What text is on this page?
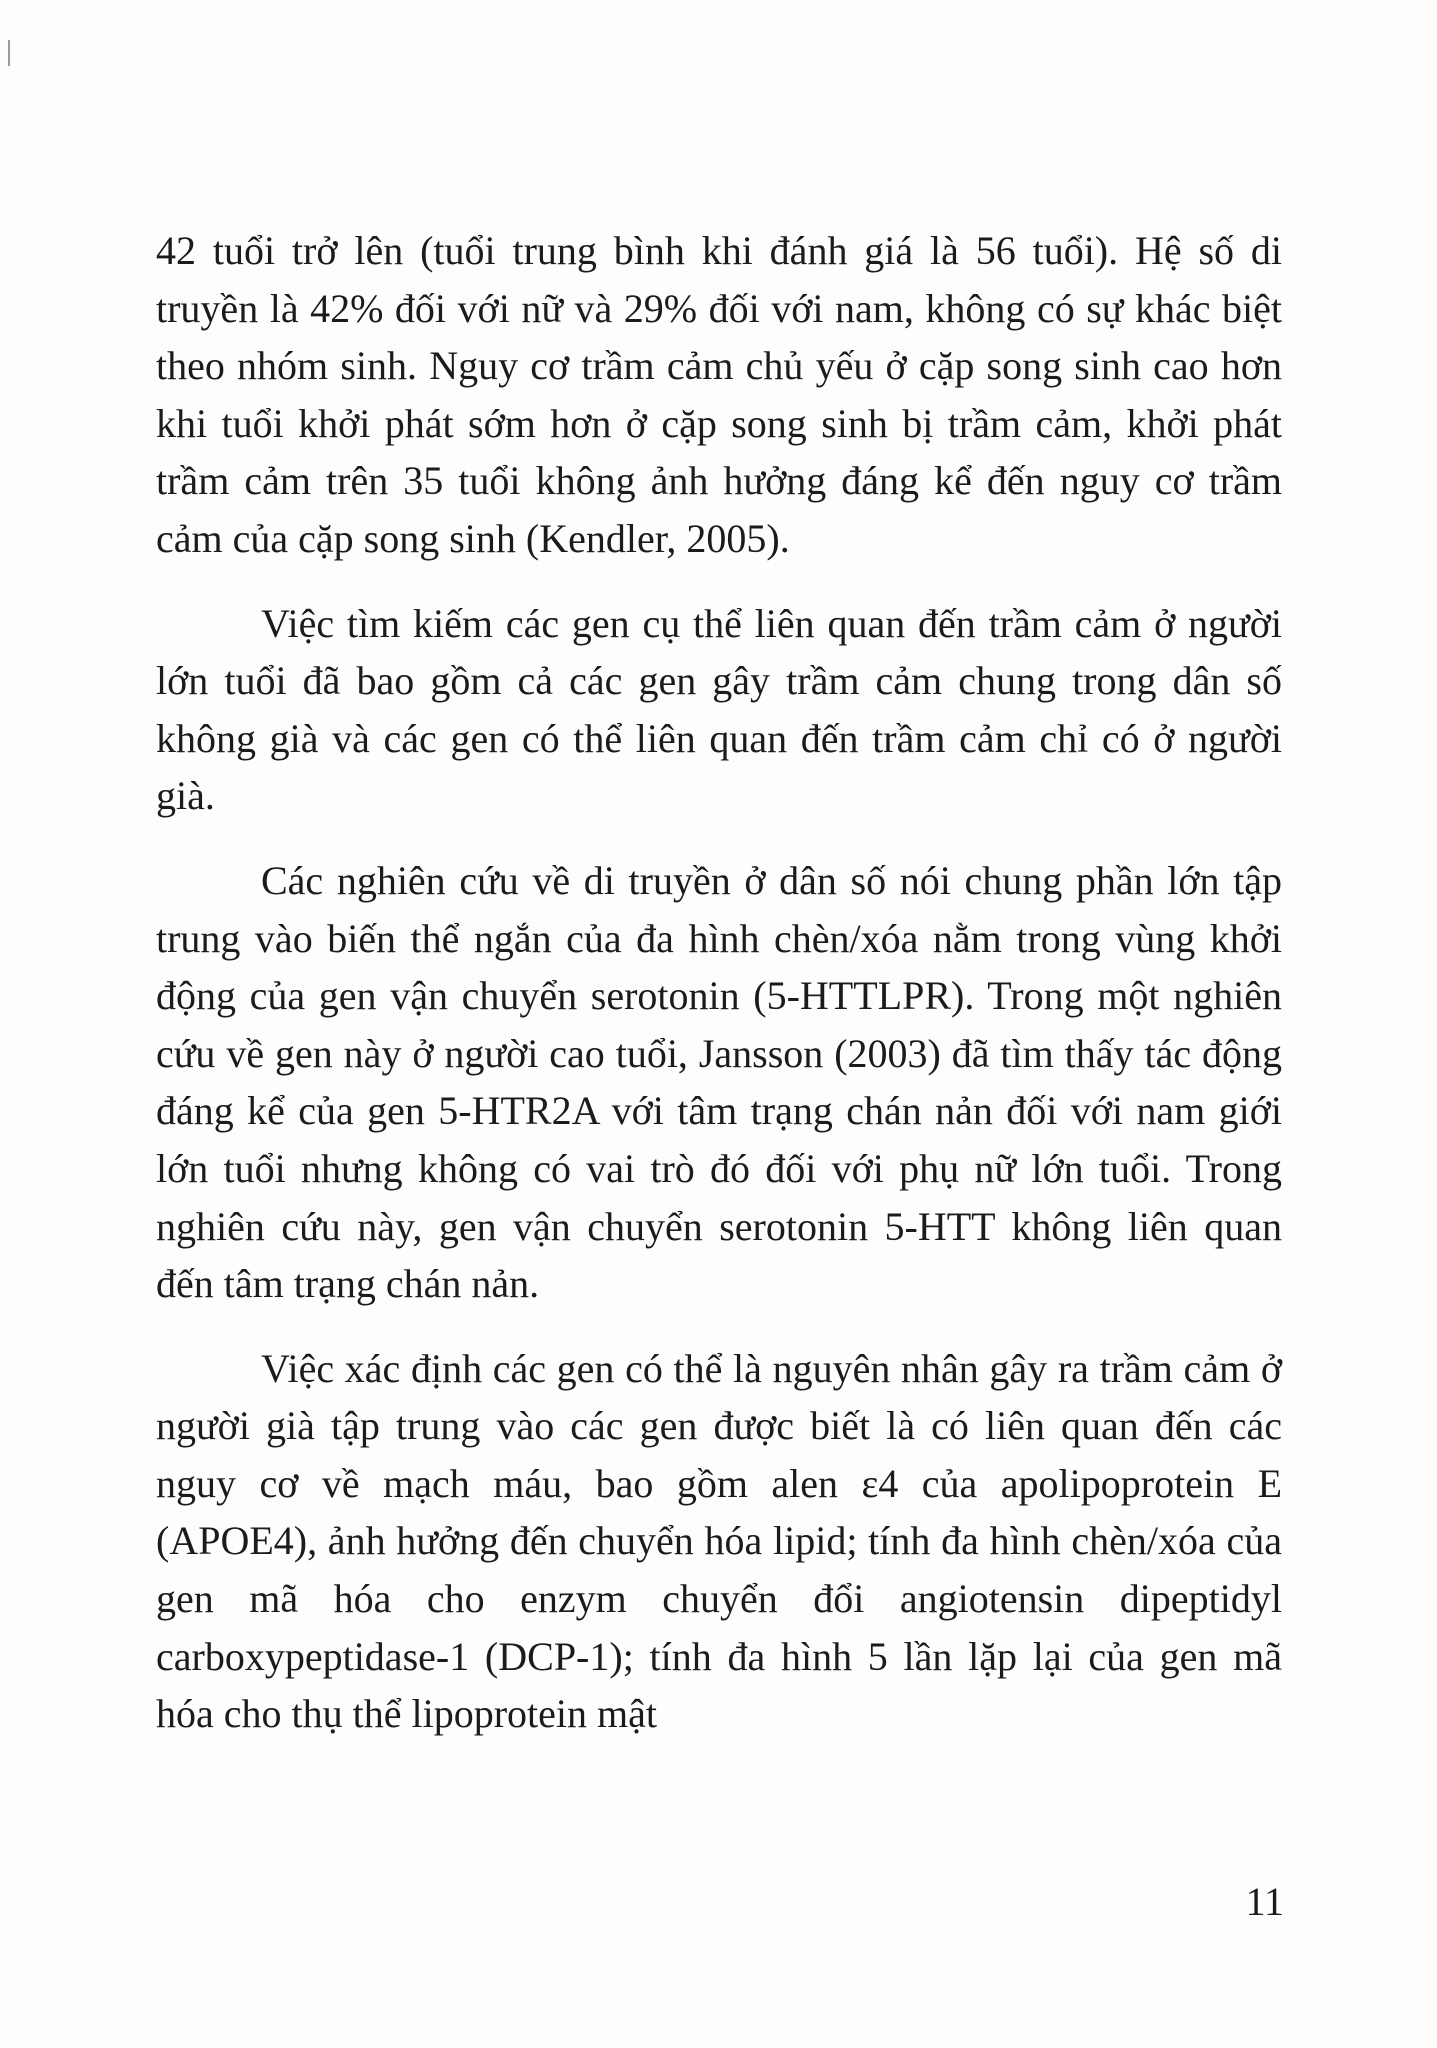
42 tuổi trở lên (tuổi trung bình khi đánh giá là 56 tuổi). Hệ số di truyền là 42% đối với nữ và 29% đối với nam, không có sự khác biệt theo nhóm sinh. Nguy cơ trầm cảm chủ yếu ở cặp song sinh cao hơn khi tuổi khởi phát sớm hơn ở cặp song sinh bị trầm cảm, khởi phát trầm cảm trên 35 tuổi không ảnh hưởng đáng kể đến nguy cơ trầm cảm của cặp song sinh (Kendler, 2005).

Việc tìm kiếm các gen cụ thể liên quan đến trầm cảm ở người lớn tuổi đã bao gồm cả các gen gây trầm cảm chung trong dân số không già và các gen có thể liên quan đến trầm cảm chỉ có ở người già.

Các nghiên cứu về di truyền ở dân số nói chung phần lớn tập trung vào biến thể ngắn của đa hình chèn/xóa nằm trong vùng khởi động của gen vận chuyển serotonin (5-HTTLPR). Trong một nghiên cứu về gen này ở người cao tuổi, Jansson (2003) đã tìm thấy tác động đáng kể của gen 5-HTR2A với tâm trạng chán nản đối với nam giới lớn tuổi nhưng không có vai trò đó đối với phụ nữ lớn tuổi. Trong nghiên cứu này, gen vận chuyển serotonin 5-HTT không liên quan đến tâm trạng chán nản.

Việc xác định các gen có thể là nguyên nhân gây ra trầm cảm ở người già tập trung vào các gen được biết là có liên quan đến các nguy cơ về mạch máu, bao gồm alen ε4 của apolipoprotein E (APOE4), ảnh hưởng đến chuyển hóa lipid; tính đa hình chèn/xóa của gen mã hóa cho enzym chuyển đổi angiotensin dipeptidyl carboxypeptidase-1 (DCP-1); tính đa hình 5 lần lặp lại của gen mã hóa cho thụ thể lipoprotein mật

11
